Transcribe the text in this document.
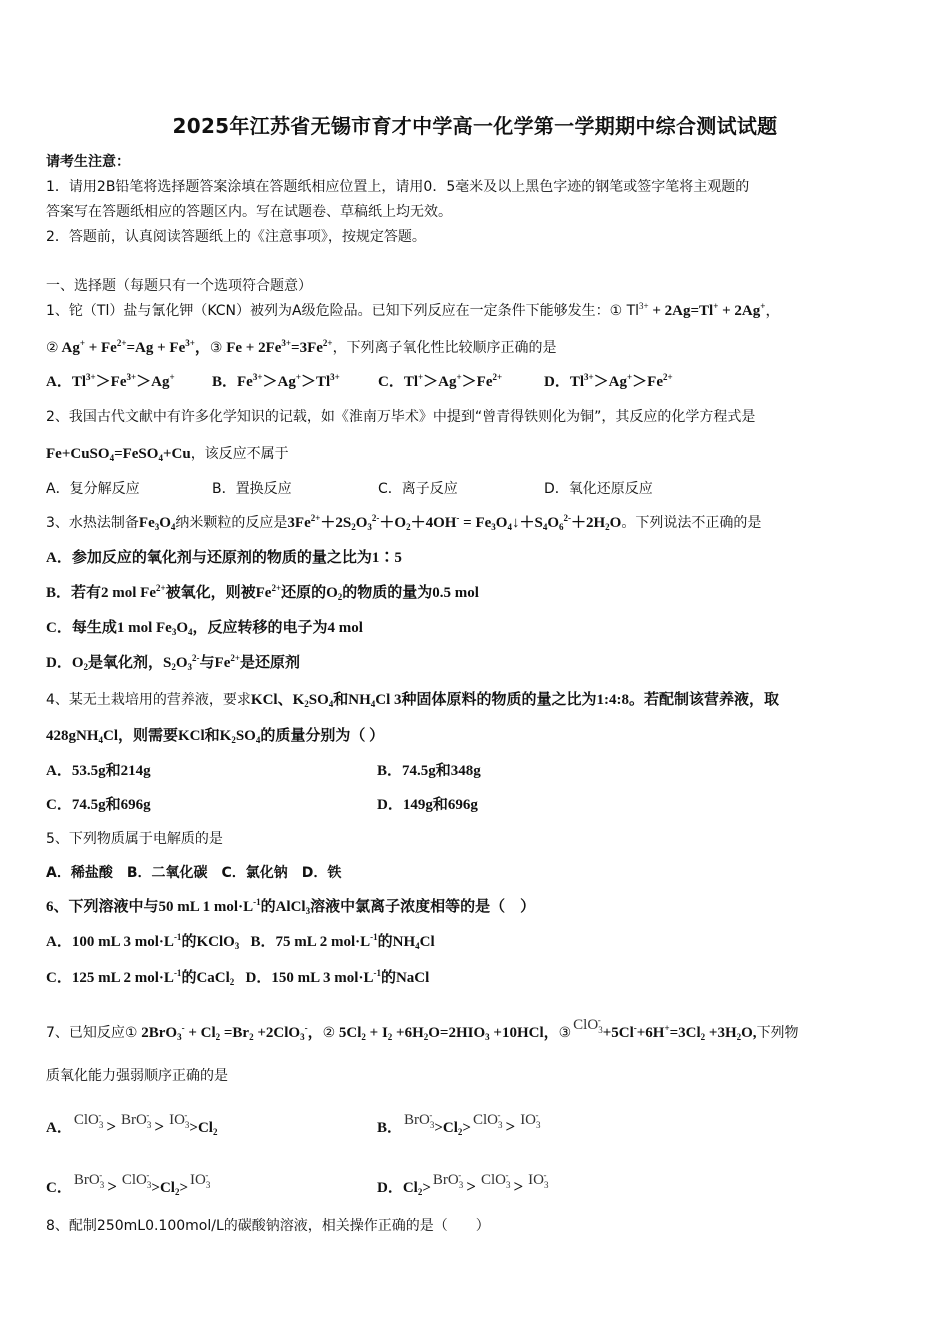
2025年江苏省无锡市育才中学高一化学第一学期期中综合测试试题
请考生注意：
1．请用2B铅笔将选择题答案涂填在答题纸相应位置上，请用0．5毫米及以上黑色字迹的钢笔或签字笔将主观题的
答案写在答题纸相应的答题区内。写在试题卷、草稿纸上均无效。
2．答题前，认真阅读答题纸上的《注意事项》，按规定答题。
一、选择题（每题只有一个选项符合题意）
1、铊（Tl）盐与氰化钾（KCN）被列为A级危险品。已知下列反应在一定条件下能够发生：① $Tl^{3+} + 2Ag=Tl^+ + 2Ag^+$，
② $Ag^+ + Fe^{2+}=Ag + Fe^{3+}$，③ $Fe + 2Fe^{3+}=3Fe^{2+}$，下列离子氧化性比较顺序正确的是
A．$Tl^{3+}>Fe^{3+}>Ag^+$ B．$Fe^{3+}>Ag^+>Tl^{3+}$	C．$Tl^+>Ag^+>Fe^{2+}$	D．$Tl^{3+}>Ag^+>Fe^{2+}$
2、我国古代文献中有许多化学知识的记载，如《淮南万毕术》中提到“曾青得铁则化为铜”，其反应的化学方程式是
Fe+CuSO$_4$=FeSO$_4$+Cu，该反应不属于
A．复分解反应	B．置换反应	C．离子反应	D．氧化还原反应
3、水热法制备$Fe_3O_4$纳米颗粒的反应是$3Fe^{2+}+2S_2O_3^{2-}+O_2+4OH^-$ = $Fe_3O_4↓+S_4O_6^{2-}+2H_2O$。下列说法不正确的是
A．参加反应的氧化剂与还原剂的物质的量之比为1∶5
B．若有2 mol $Fe^{2+}$被氧化，则被$Fe^{2+}$还原的$O_2$的物质的量为0.5 mol
C．每生成1 mol $Fe_3O_4$，反应转移的电子为4 mol
D．$O_2$是氧化剂，$S_2O_3^{2-}$与$Fe^{2+}$是还原剂
4、某无土栽培用的营养液，要求KCl、$K_2SO_4$和$NH_4Cl$ 3种固体原料的物质的量之比为1:4:8。若配制该营养液，取
428gNH$_4$Cl，则需要KCl和$K_2SO_4$的质量分别为（ ）
A．53.5g和214g	B．74.5g和348g
C．74.5g和696g	D．149g和696g
5、下列物质属于电解质的是
A．稀盐酸　B．二氧化碳　C．氯化钠　D．铁
6、下列溶液中与50 mL 1 $mol\cdot L^{-1}$的AlCl$_3$溶液中氯离子浓度相等的是（　）
A．100 mL 3 $mol\cdot L^{-1}$的KClO$_3$ B．75 mL 2 $mol\cdot L^{-1}$的$NH_4Cl$
C．125 mL 2 $mol\cdot L^{-1}$的CaCl$_2$ D．150 mL 3 $mol\cdot L^{-1}$的NaCl
7、已知反应① $2BrO_3^- + Cl_2 =Br_2 +2ClO_3^-$，② $5Cl_2 + I_2 +6H_2O=2HIO_3 +10HCl$，③ $ClO_3^-+5Cl^-+6H^+=3Cl_2 +3H_2O$,下列物
质氧化能力强弱顺序正确的是
A． $ClO_3^-> BrO_3^-> IO_3^->Cl_2$	B． $BrO_3^->Cl_2> ClO_3^-> IO_3^-$
C． $BrO_3^-> ClO_3^->Cl_2> IO_3^-D$．$Cl_2> BrO_3^-> ClO_3^-> IO_3^-$
8、配制250mL0.100mol/L的碳酸钠溶液，相关操作正确的是（　　）
